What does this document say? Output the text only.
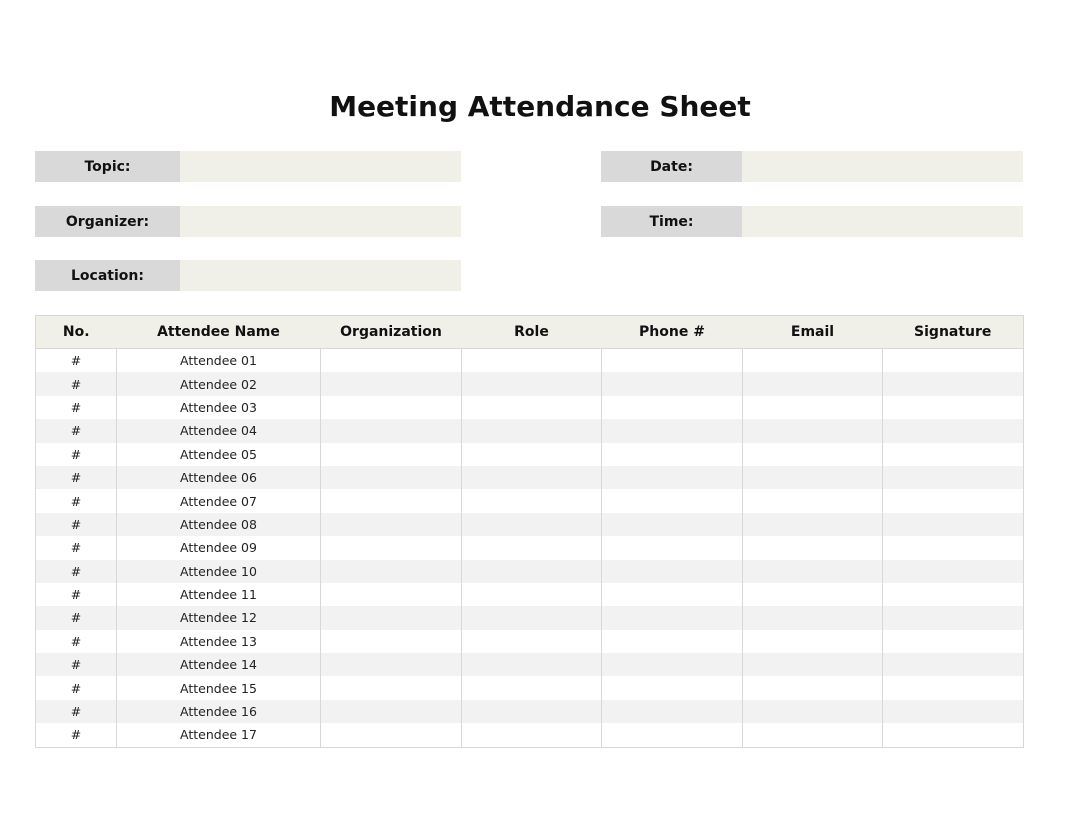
Meeting Attendance Sheet
Topic:
Organizer:
Location:
Date:
Time:
No.	Attendee Name	Organization	Role	Phone #	Email	Signature
#	Attendee 01					
#	Attendee 02					
#	Attendee 03					
#	Attendee 04					
#	Attendee 05					
#	Attendee 06					
#	Attendee 07					
#	Attendee 08					
#	Attendee 09					
#	Attendee 10					
#	Attendee 11					
#	Attendee 12					
#	Attendee 13					
#	Attendee 14					
#	Attendee 15					
#	Attendee 16					
#	Attendee 17					
